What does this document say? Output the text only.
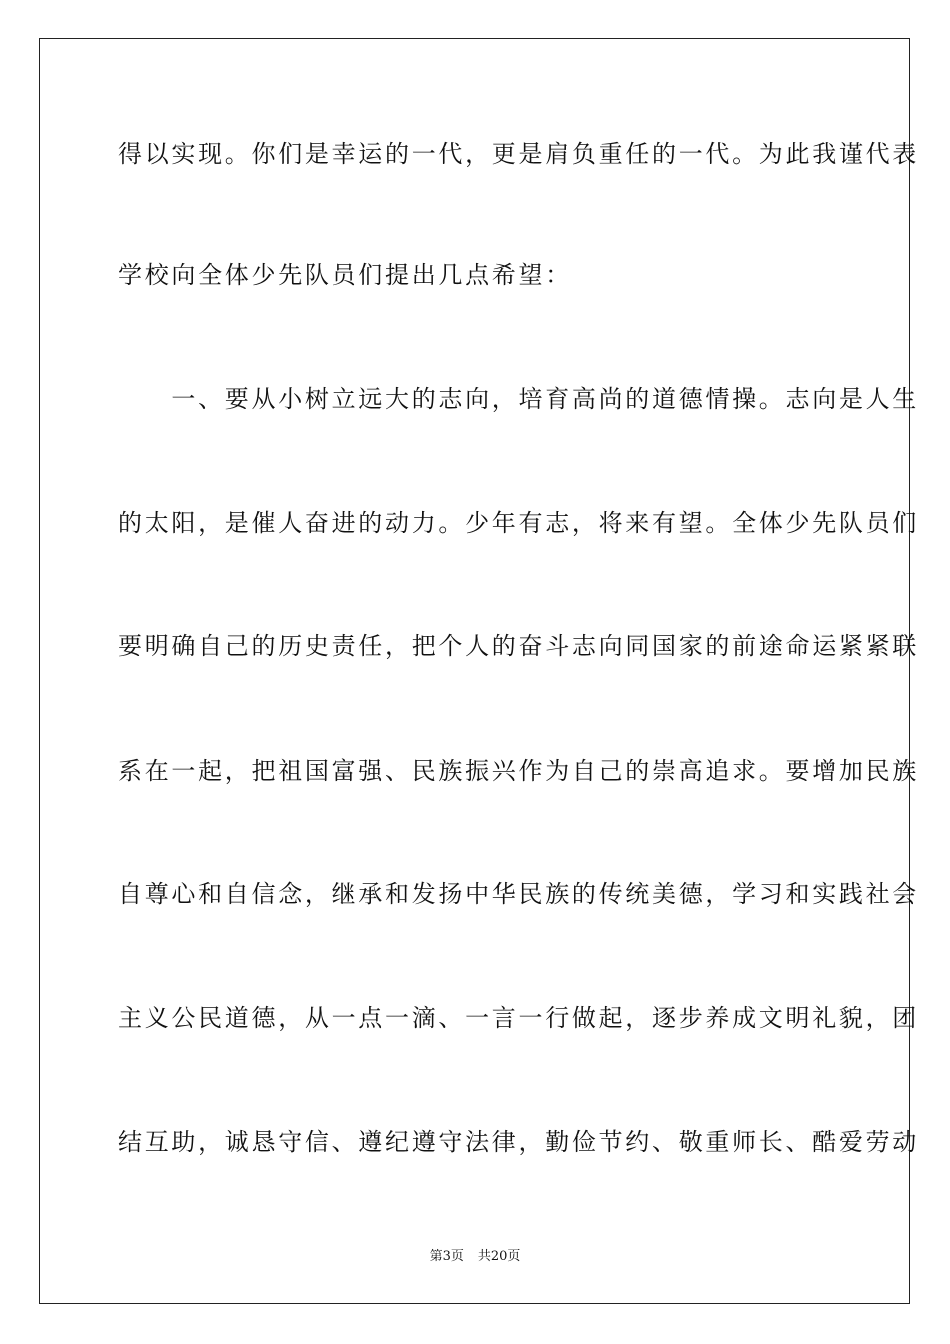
得以实现。你们是幸运的一代，更是肩负重任的一代。为此我谨代表
学校向全体少先队员们提出几点希望：
　　一、要从小树立远大的志向，培育高尚的道德情操。志向是人生
的太阳，是催人奋进的动力。少年有志，将来有望。全体少先队员们
要明确自己的历史责任，把个人的奋斗志向同国家的前途命运紧紧联
系在一起，把祖国富强、民族振兴作为自己的崇高追求。要增加民族
自尊心和自信念，继承和发扬中华民族的传统美德，学习和实践社会
主义公民道德，从一点一滴、一言一行做起，逐步养成文明礼貌，团
结互助，诚恳守信、遵纪遵守法律，勤俭节约、敬重师长、酷爱劳动
第3页 共20页
